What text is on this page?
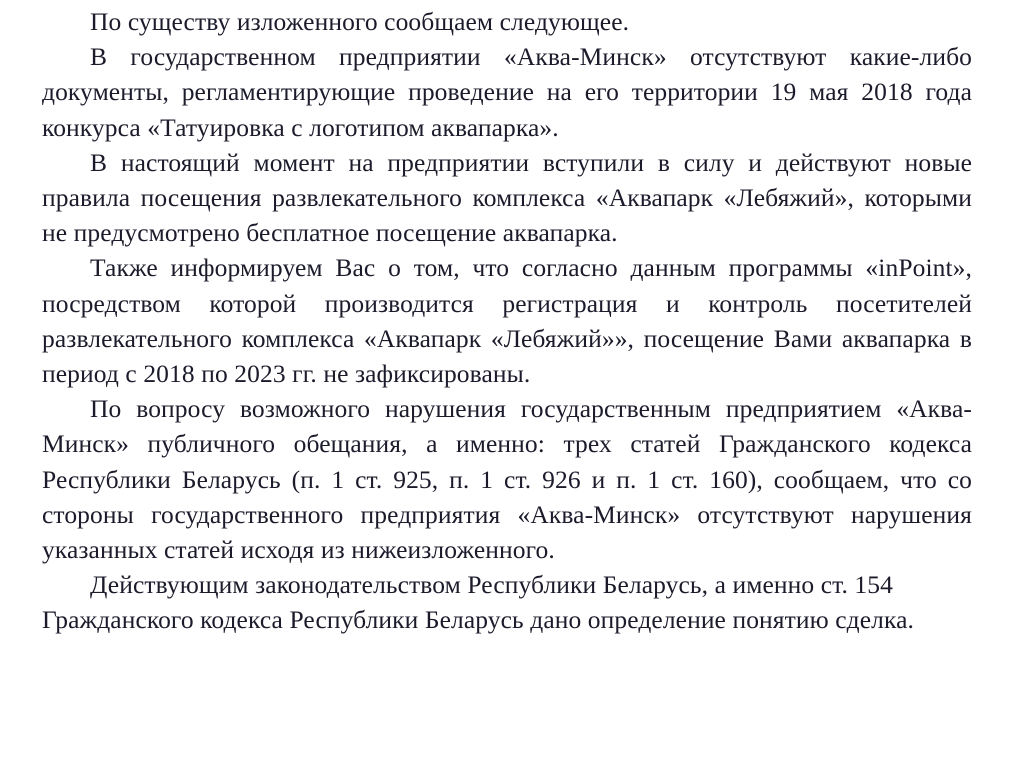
По существу изложенного сообщаем следующее.

В государственном предприятии «Аква-Минск» отсутствуют какие-либо документы, регламентирующие проведение на его территории 19 мая 2018 года конкурса «Татуировка с логотипом аквапарка».

В настоящий момент на предприятии вступили в силу и действуют новые правила посещения развлекательного комплекса «Аквапарк «Лебяжий», которыми не предусмотрено бесплатное посещение аквапарка.

Также информируем Вас о том, что согласно данным программы «inPoint», посредством которой производится регистрация и контроль посетителей развлекательного комплекса «Аквапарк «Лебяжий»», посещение Вами аквапарка в период с 2018 по 2023 гг. не зафиксированы.

По вопросу возможного нарушения государственным предприятием «Аква-Минск» публичного обещания, а именно: трех статей Гражданского кодекса Республики Беларусь (п. 1 ст. 925, п. 1 ст. 926 и п. 1 ст. 160), сообщаем, что со стороны государственного предприятия «Аква-Минск» отсутствуют нарушения указанных статей исходя из нижеизложенного.

Действующим законодательством Республики Беларусь, а именно ст. 154 Гражданского кодекса Республики Беларусь дано определение понятию сделка.
